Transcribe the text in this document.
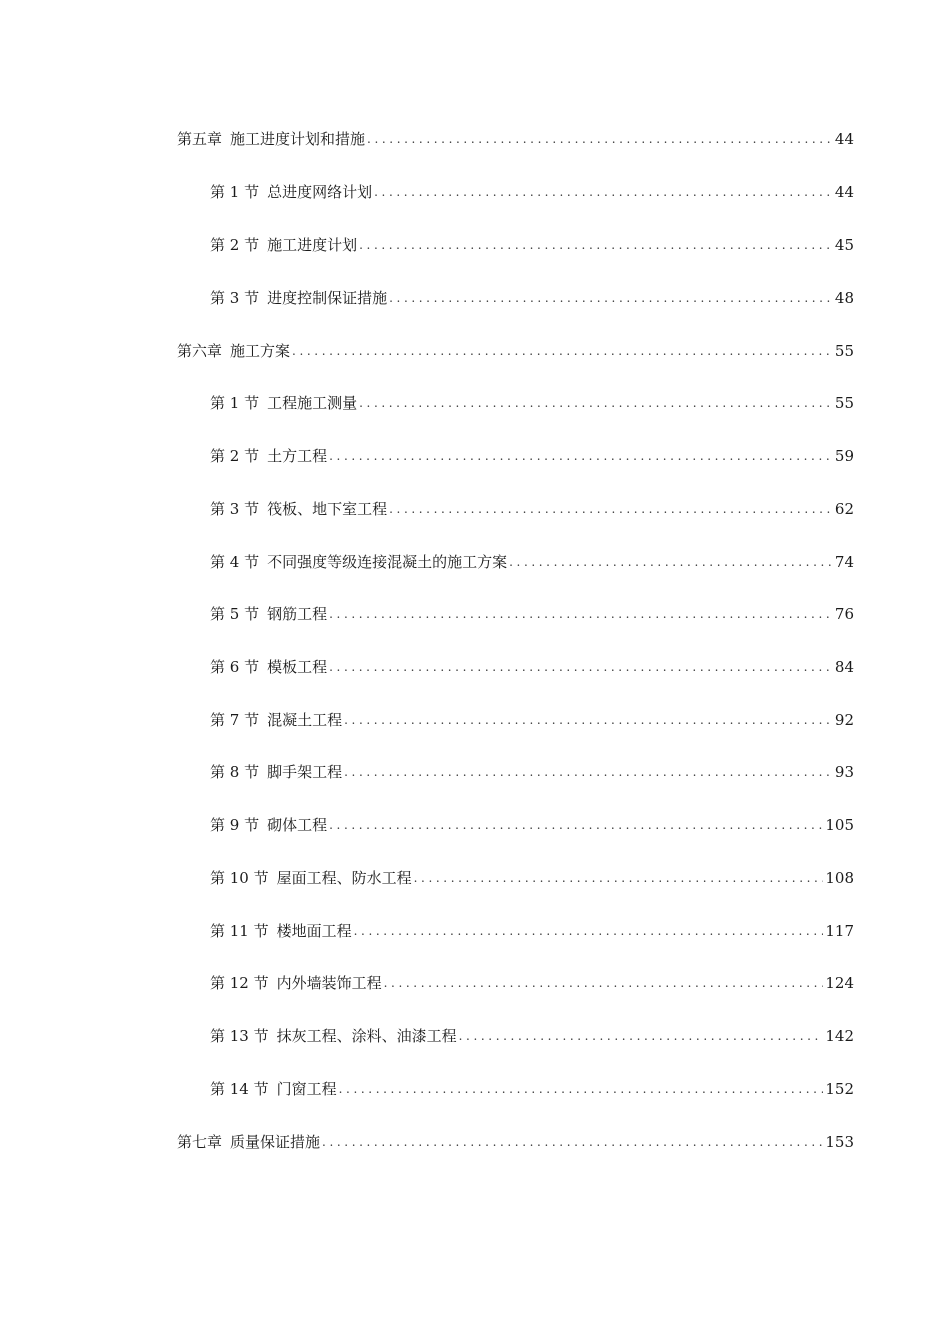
第五章 施工进度计划和措施 .....	44
第 1 节 总进度网络计划 .....	44
第 2 节 施工进度计划 .....	45
第 3 节 进度控制保证措施 .....	48
第六章 施工方案 .....	55
第 1 节 工程施工测量 .....	55
第 2 节 土方工程 .....	59
第 3 节 筏板、地下室工程 .....	62
第 4 节 不同强度等级连接混凝土的施工方案 .....	74
第 5 节 钢筋工程 .....	76
第 6 节 模板工程 .....	84
第 7 节 混凝土工程 .....	92
第 8 节 脚手架工程 .....	93
第 9 节 砌体工程 .....	105
第 10 节 屋面工程、防水工程 .....	108
第 11 节 楼地面工程 .....	117
第 12 节 内外墙装饰工程 .....	124
第 13 节 抹灰工程、涂料、油漆工程 .....	142
第 14 节 门窗工程 .....	152
第七章 质量保证措施 .....	153
